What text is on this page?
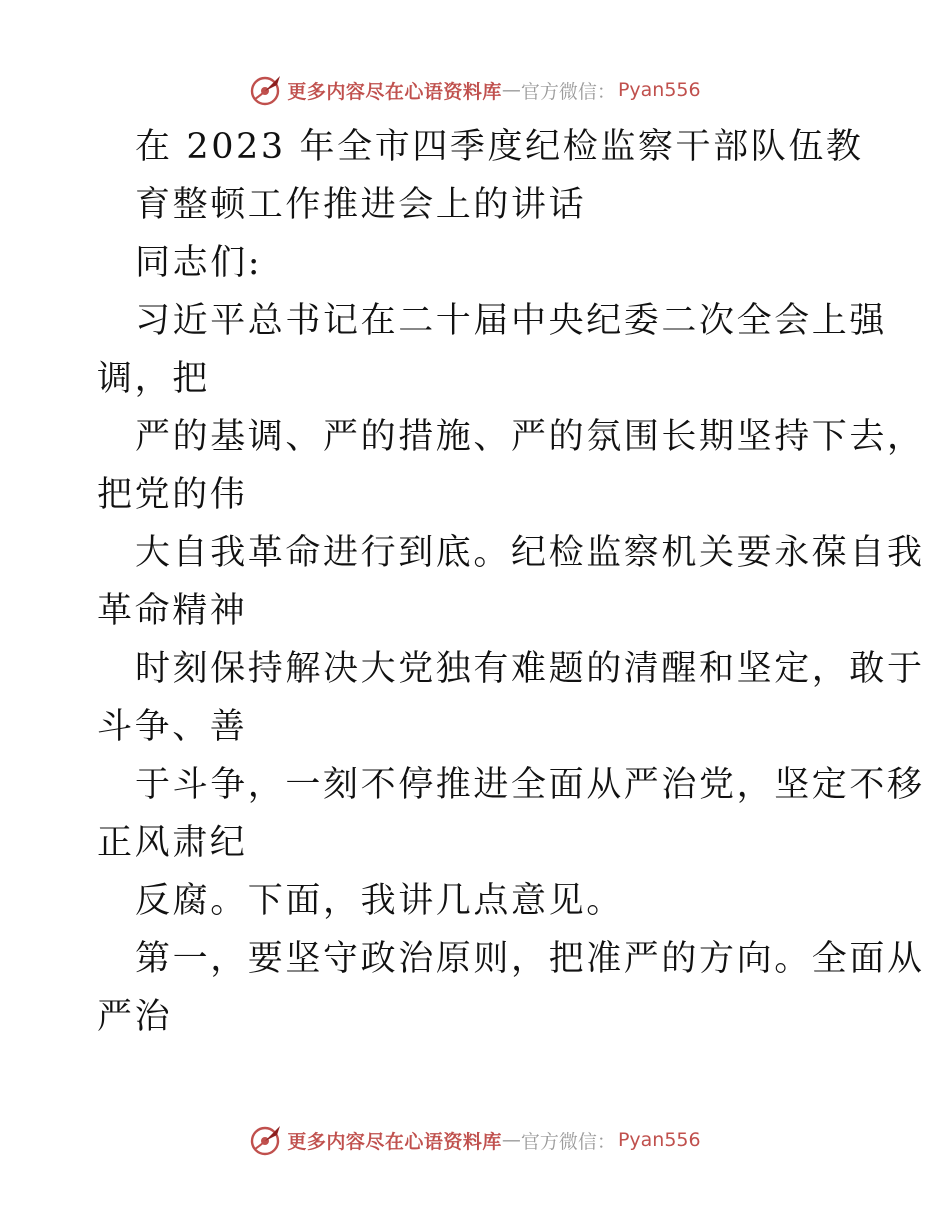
更多内容尽在心语资料库 — 官方微信： Pyan556
在 2023 年全市四季度纪检监察干部队伍教
育整顿工作推进会上的讲话
同志们:
习近平总书记在二十届中央纪委二次全会上强
调，把
严的基调、严的措施、严的氛围长期坚持下去，
把党的伟
大自我革命进行到底。纪检监察机关要永葆自我
革命精神
时刻保持解决大党独有难题的清醒和坚定，敢于
斗争、善
于斗争，一刻不停推进全面从严治党，坚定不移
正风肃纪
反腐。下面，我讲几点意见。
第一，要坚守政治原则，把准严的方向。全面从
严治
更多内容尽在心语资料库 — 官方微信： Pyan556
